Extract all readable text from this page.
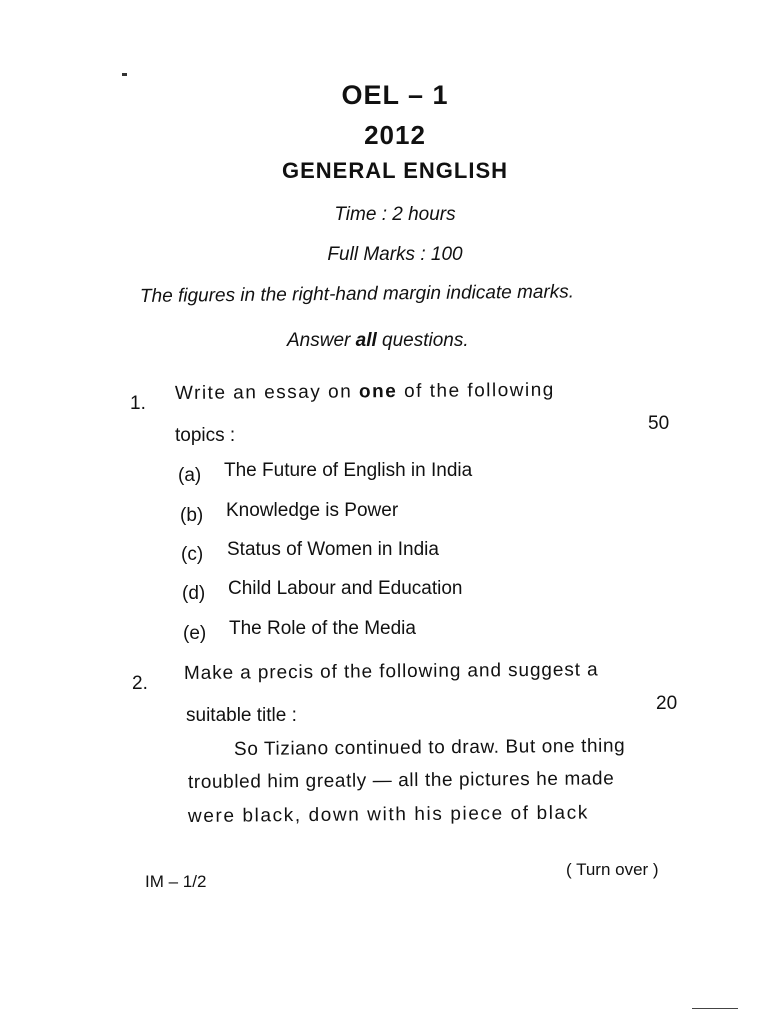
OEL – 1
2012
GENERAL ENGLISH
Time : 2 hours
Full Marks : 100
The figures in the right-hand margin indicate marks.
Answer all questions.
1. Write an essay on one of the following
topics :
50
(a) The Future of English in India
(b) Knowledge is Power
(c) Status of Women in India
(d) Child Labour and Education
(e) The Role of the Media
2. Make a precis of the following and suggest a
suitable title :
20
So Tiziano continued to draw. But one thing
troubled him greatly — all the pictures he made
were black, down with his piece of black
IM – 1/2
( Turn over )
